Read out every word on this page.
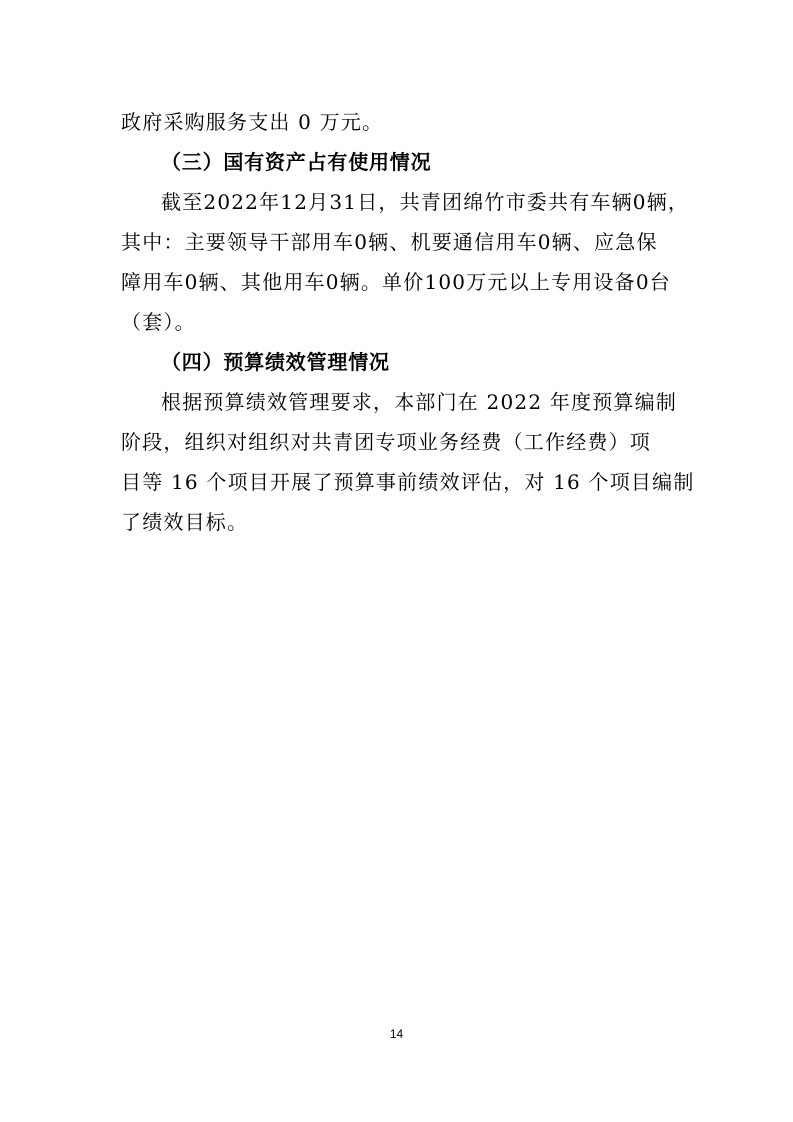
政府采购服务支出 0 万元。
（三）国有资产占有使用情况
截至2022年12月31日，共青团绵竹市委共有车辆0辆，
其中：主要领导干部用车0辆、机要通信用车0辆、应急保
障用车0辆、其他用车0辆。单价100万元以上专用设备0台
（套）。
（四）预算绩效管理情况
根据预算绩效管理要求，本部门在 2022 年度预算编制
阶段，组织对组织对共青团专项业务经费（工作经费）项
目等 16 个项目开展了预算事前绩效评估，对 16 个项目编制
了绩效目标。
14
